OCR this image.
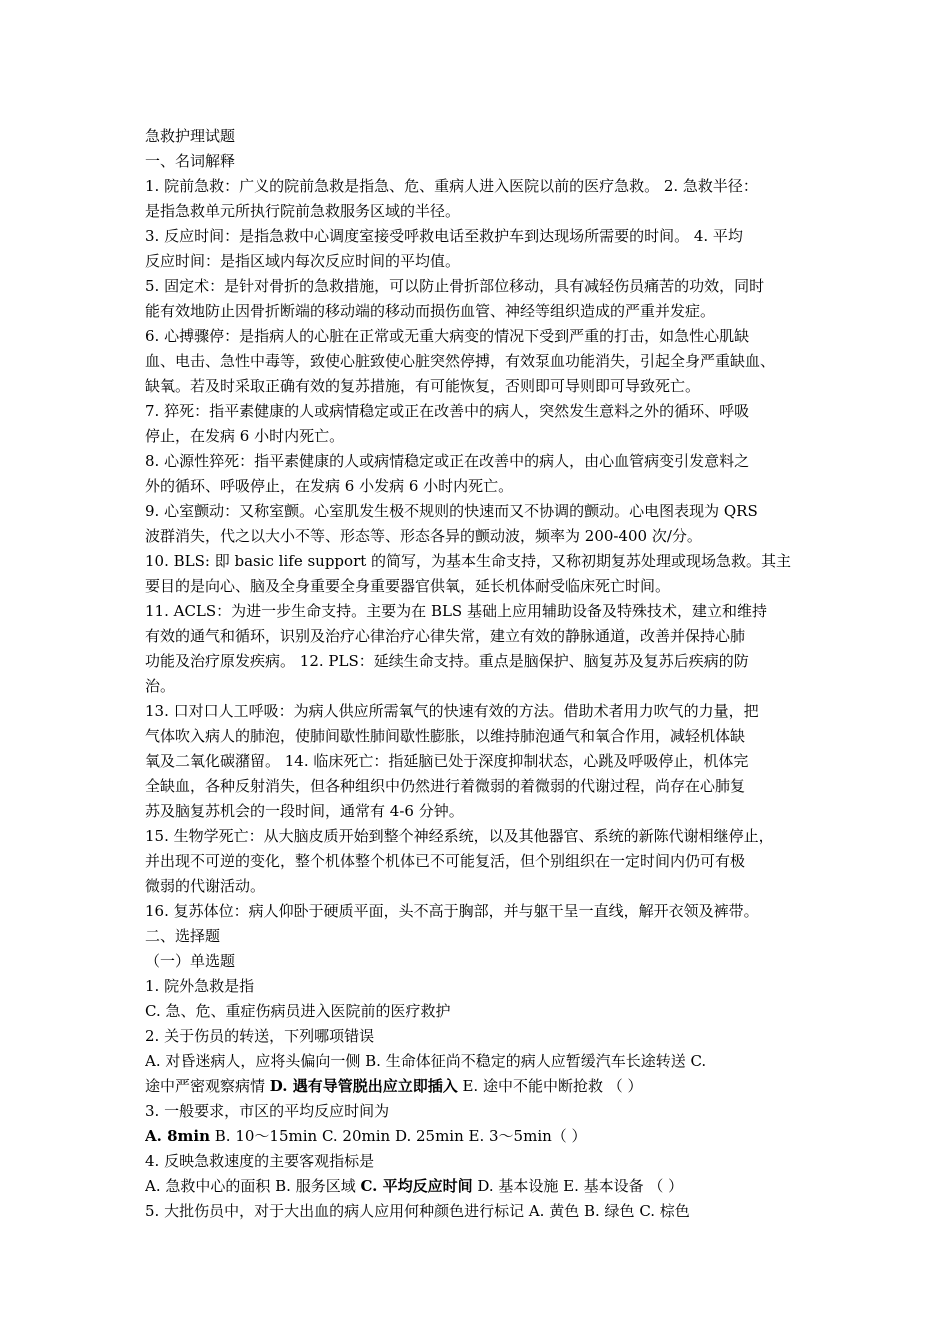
急救护理试题
一、名词解释
1. 院前急救：广义的院前急救是指急、危、重病人进入医院以前的医疗急救。 2. 急救半径：
是指急救单元所执行院前急救服务区域的半径。
3. 反应时间：是指急救中心调度室接受呼救电话至救护车到达现场所需要的时间。 4. 平均
反应时间：是指区域内每次反应时间的平均值。
5. 固定术：是针对骨折的急救措施，可以防止骨折部位移动，具有减轻伤员痛苦的功效，同时
能有效地防止因骨折断端的移动端的移动而损伤血管、神经等组织造成的严重并发症。
6. 心搏骤停：是指病人的心脏在正常或无重大病变的情况下受到严重的打击，如急性心肌缺
血、电击、急性中毒等，致使心脏致使心脏突然停搏，有效泵血功能消失，引起全身严重缺血、
缺氧。若及时采取正确有效的复苏措施，有可能恢复，否则即可导则即可导致死亡。
7. 猝死：指平素健康的人或病情稳定或正在改善中的病人，突然发生意料之外的循环、呼吸
停止，在发病 6 小时内死亡。
8. 心源性猝死：指平素健康的人或病情稳定或正在改善中的病人，由心血管病变引发意料之
外的循环、呼吸停止，在发病 6 小发病 6 小时内死亡。
9. 心室颤动：又称室颤。心室肌发生极不规则的快速而又不协调的颤动。心电图表现为 QRS
波群消失，代之以大小不等、形态等、形态各异的颤动波，频率为 200-400 次/分。
10. BLS: 即 basic life support 的简写，为基本生命支持，又称初期复苏处理或现场急救。其主
要目的是向心、脑及全身重要全身重要器官供氧，延长机体耐受临床死亡时间。
11. ACLS：为进一步生命支持。主要为在 BLS 基础上应用辅助设备及特殊技术，建立和维持
有效的通气和循环，识别及治疗心律治疗心律失常，建立有效的静脉通道，改善并保持心肺
功能及治疗原发疾病。 12. PLS：延续生命支持。重点是脑保护、脑复苏及复苏后疾病的防
治。
13. 口对口人工呼吸：为病人供应所需氧气的快速有效的方法。借助术者用力吹气的力量，把
气体吹入病人的肺泡，使肺间歇性肺间歇性膨胀，以维持肺泡通气和氧合作用，减轻机体缺
氧及二氧化碳潴留。 14. 临床死亡：指延脑已处于深度抑制状态，心跳及呼吸停止，机体完
全缺血，各种反射消失，但各种组织中仍然进行着微弱的着微弱的代谢过程，尚存在心肺复
苏及脑复苏机会的一段时间，通常有 4-6 分钟。
15. 生物学死亡：从大脑皮质开始到整个神经系统，以及其他器官、系统的新陈代谢相继停止，
并出现不可逆的变化，整个机体整个机体已不可能复活，但个别组织在一定时间内仍可有极
微弱的代谢活动。
16. 复苏体位：病人仰卧于硬质平面，头不高于胸部，并与躯干呈一直线，解开衣领及裤带。
二、选择题
（一）单选题
1. 院外急救是指
C. 急、危、重症伤病员进入医院前的医疗救护
2. 关于伤员的转送，下列哪项错误
A. 对昏迷病人，应将头偏向一侧 B. 生命体征尚不稳定的病人应暂缓汽车长途转送 C.
途中严密观察病情 D. 遇有导管脱出应立即插入 E. 途中不能中断抢救 （ ）
3. 一般要求，市区的平均反应时间为
A. 8min B. 10～15min C. 20min D. 25min E. 3～5min（ ）
4. 反映急救速度的主要客观指标是
A. 急救中心的面积 B. 服务区域 C. 平均反应时间 D. 基本设施 E. 基本设备 （ ）
5. 大批伤员中，对于大出血的病人应用何种颜色进行标记 A. 黄色 B. 绿色 C. 棕色
